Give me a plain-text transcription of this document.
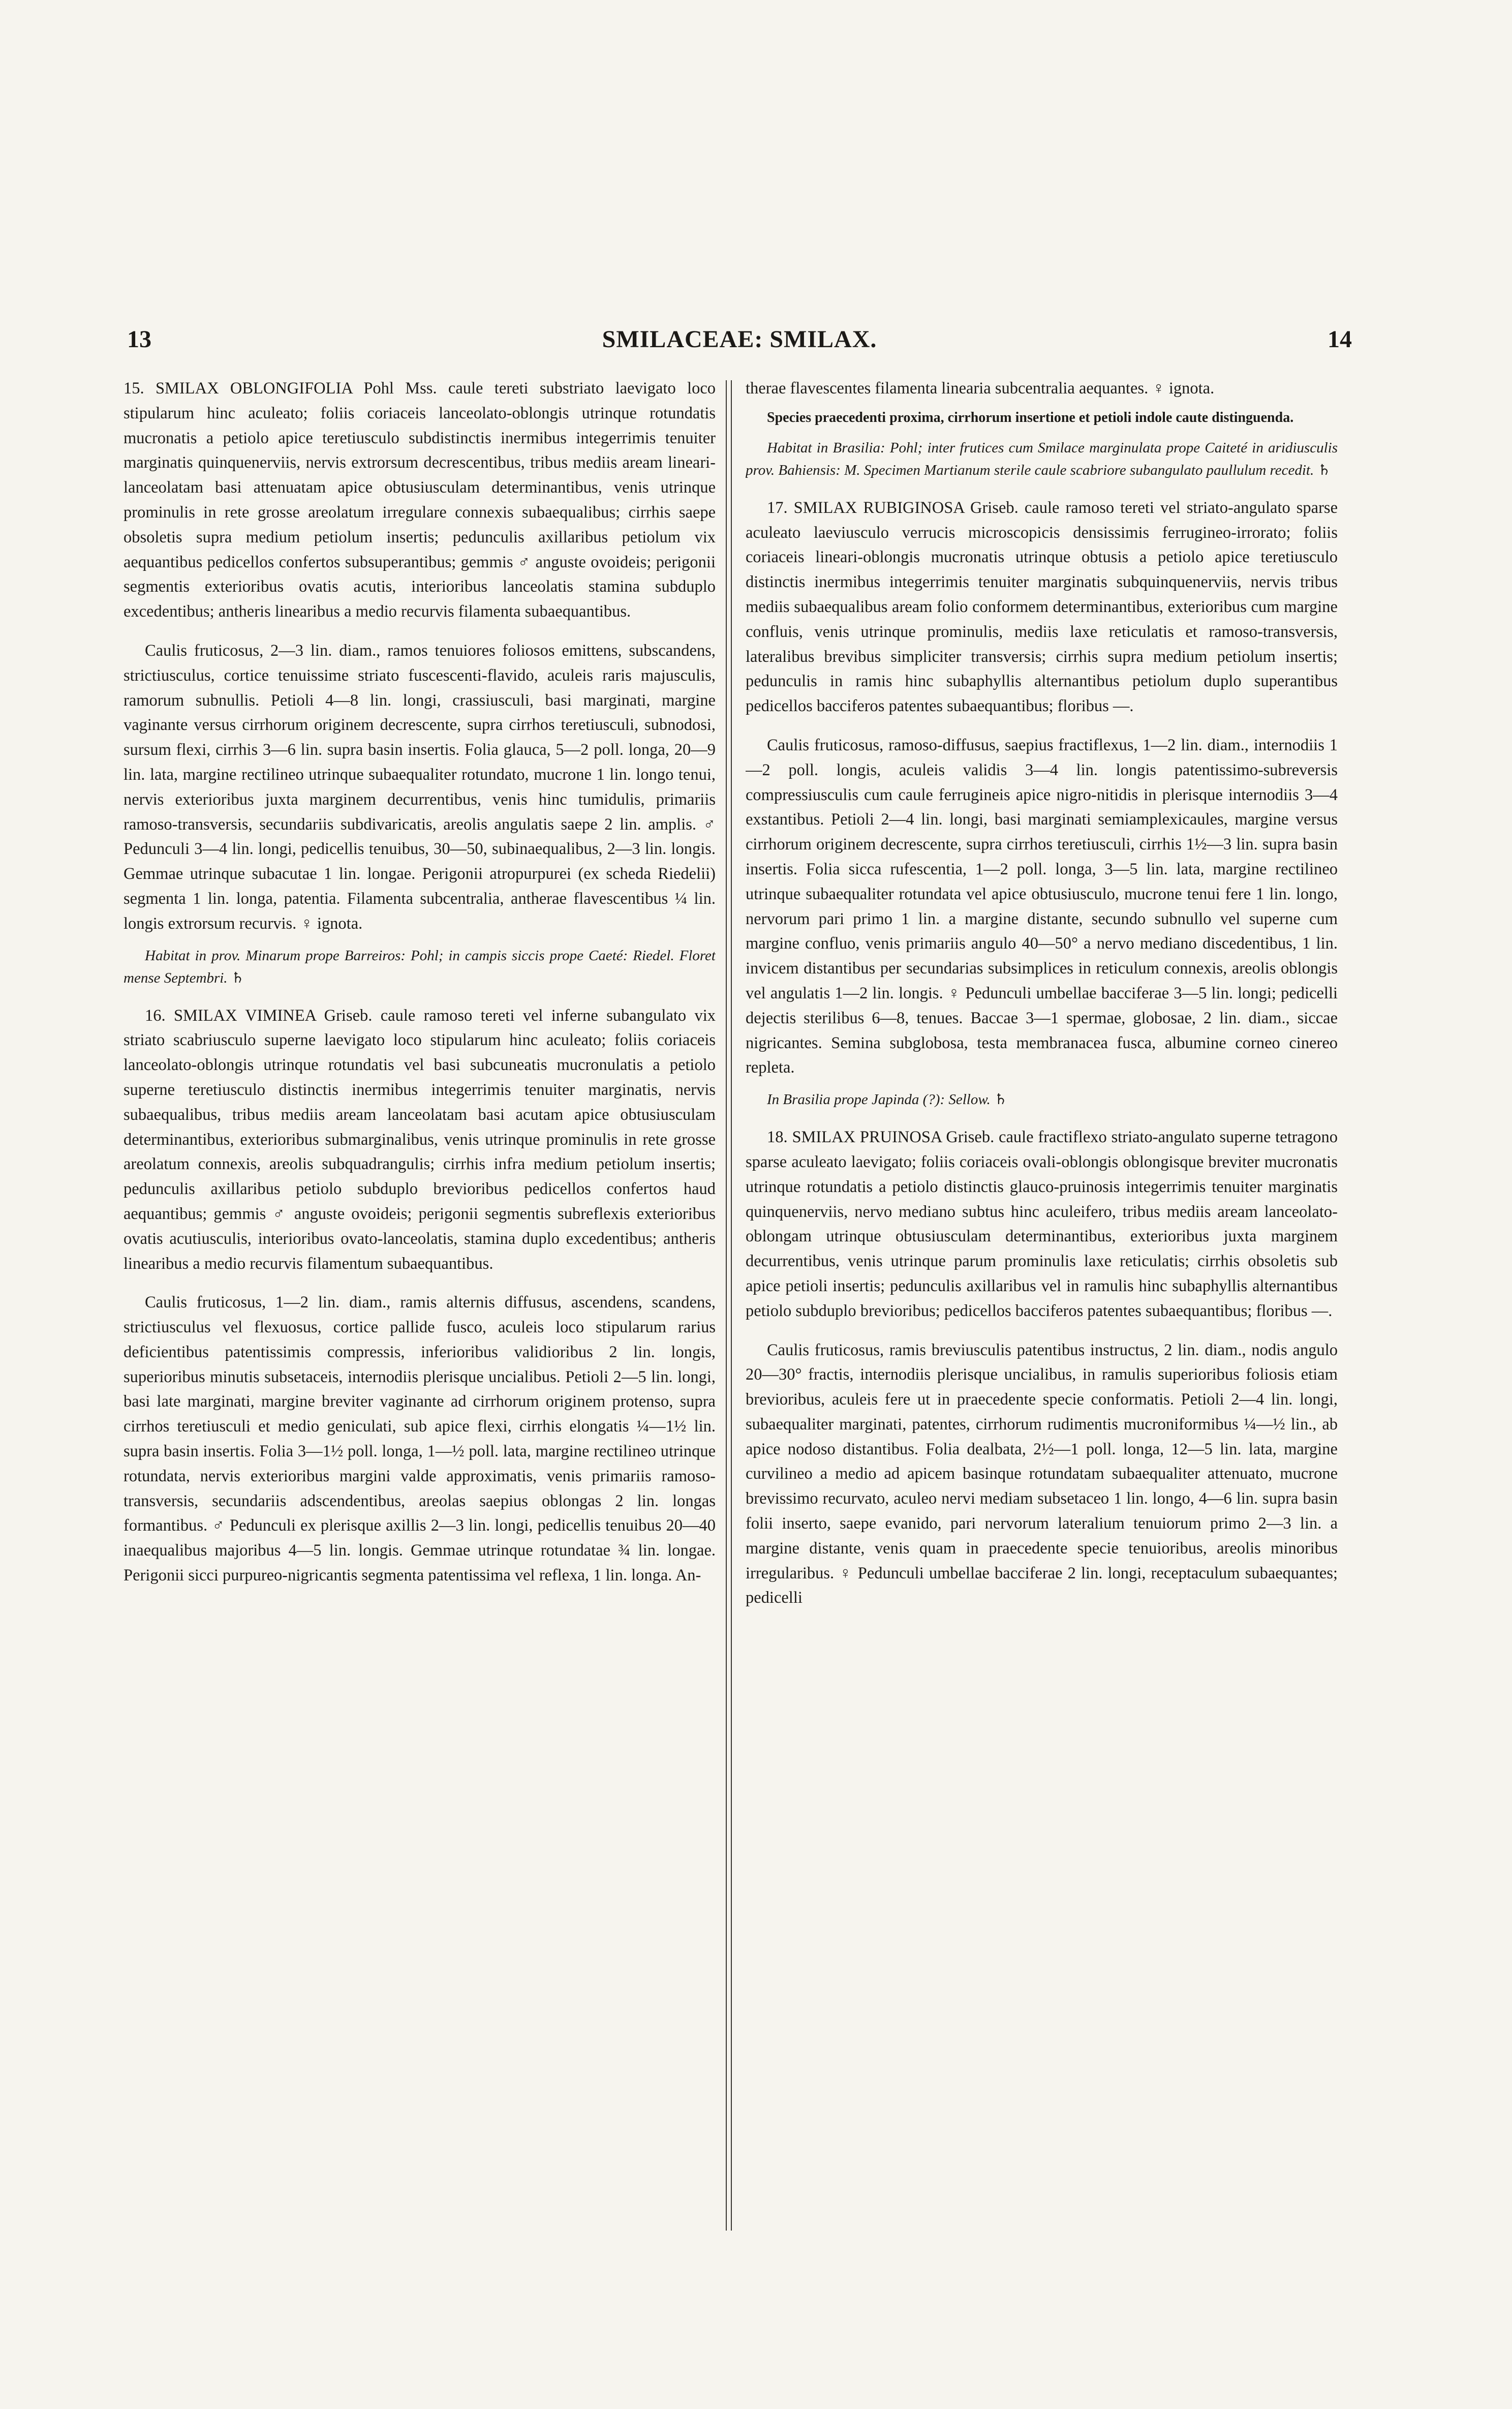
13	SMILACEAE: SMILAX.	14

15. SMILAX OBLONGIFOLIA Pohl Mss. caule tereti substriato laevigato loco stipularum hinc aculeato; foliis coriaceis lanceolato-oblongis utrinque rotundatis mucronatis a petiolo apice teretiusculo subdistinctis inermibus integerrimis tenuiter marginatis quinquenerviis, nervis extrorsum decrescentibus, tribus mediis aream lineari-lanceolatam basi attenuatam apice obtusiusculam determinantibus, venis utrinque prominulis in rete grosse areolatum irregulare connexis subaequalibus; cirrhis saepe obsoletis supra medium petiolum insertis; pedunculis axillaribus petiolum vix aequantibus pedicellos confertos subsuperantibus; gemmis ♂ anguste ovoideis; perigonii segmentis exterioribus ovatis acutis, interioribus lanceolatis stamina subduplo excedentibus; antheris linearibus a medio recurvis filamenta subaequantibus.

Caulis fruticosus, 2—3 lin. diam., ramos tenuiores foliosos emittens, subscandens, strictiusculus, cortice tenuissime striato fuscescenti-flavido, aculeis raris majusculis, ramorum subnullis. Petioli 4—8 lin. longi, crassiusculi, basi marginati, margine vaginante versus cirrhorum originem decrescente, supra cirrhos teretiusculi, subnodosi, sursum flexi, cirrhis 3—6 lin. supra basin insertis. Folia glauca, 5—2 poll. longa, 20—9 lin. lata, margine rectilineo utrinque subaequaliter rotundato, mucrone 1 lin. longo tenui, nervis exterioribus juxta marginem decurrentibus, venis hinc tumidulis, primariis ramoso-transversis, secundariis subdivaricatis, areolis angulatis saepe 2 lin. amplis. ♂ Pedunculi 3—4 lin. longi, pedicellis tenuibus, 30—50, subinaequalibus, 2—3 lin. longis. Gemmae utrinque subacutae 1 lin. longae. Perigonii atropurpurei (ex scheda Riedelii) segmenta 1 lin. longa, patentia. Filamenta subcentralia, antherae flavescentibus ¼ lin. longis extrorsum recurvis. ♀ ignota.

Habitat in prov. Minarum prope Barreiros: Pohl; in campis siccis prope Caeté: Riedel. Floret mense Septembri. ♄

16. SMILAX VIMINEA Griseb. caule ramoso tereti vel inferne subangulato vix striato scabriusculo superne laevigato loco stipularum hinc aculeato; foliis coriaceis lanceolato-oblongis utrinque rotundatis vel basi subcuneatis mucronulatis a petiolo superne teretiusculo distinctis inermibus integerrimis tenuiter marginatis, nervis subaequalibus, tribus mediis aream lanceolatam basi acutam apice obtusiusculam determinantibus, exterioribus submarginalibus, venis utrinque prominulis in rete grosse areolatum connexis, areolis subquadrangulis; cirrhis infra medium petiolum insertis; pedunculis axillaribus petiolo subduplo brevioribus pedicellos confertos haud aequantibus; gemmis ♂ anguste ovoideis; perigonii segmentis subreflexis exterioribus ovatis acutiusculis, interioribus ovato-lanceolatis, stamina duplo excedentibus; antheris linearibus a medio recurvis filamentum subaequantibus.

Caulis fruticosus, 1—2 lin. diam., ramis alternis diffusus, ascendens, scandens, strictiusculus vel flexuosus, cortice pallide fusco, aculeis loco stipularum rarius deficientibus patentissimis compressis, inferioribus validioribus 2 lin. longis, superioribus minutis subsetaceis, internodiis plerisque uncialibus. Petioli 2—5 lin. longi, basi late marginati, margine breviter vaginante ad cirrhorum originem protenso, supra cirrhos teretiusculi et medio geniculati, sub apice flexi, cirrhis elongatis ¼—1½ lin. supra basin insertis. Folia 3—1½ poll. longa, 1—½ poll. lata, margine rectilineo utrinque rotundata, nervis exterioribus margini valde approximatis, venis primariis ramoso-transversis, secundariis adscendentibus, areolas saepius oblongas 2 lin. longas formantibus. ♂ Pedunculi ex plerisque axillis 2—3 lin. longi, pedicellis tenuibus 20—40 inaequalibus majoribus 4—5 lin. longis. Gemmae utrinque rotundatae ¾ lin. longae. Perigonii sicci purpureo-nigricantis segmenta patentissima vel reflexa, 1 lin. longa. An-

therae flavescentes filamenta linearia subcentralia aequantes. ♀ ignota.

Species praecedenti proxima, cirrhorum insertione et petioli indole caute distinguenda.

Habitat in Brasilia: Pohl; inter frutices cum Smilace marginulata prope Caiteté in aridiusculis prov. Bahiensis: M. Specimen Martianum sterile caule scabriore subangulato paullulum recedit. ♄

17. SMILAX RUBIGINOSA Griseb. caule ramoso tereti vel striato-angulato sparse aculeato laeviusculo verrucis microscopicis densissimis ferrugineo-irrorato; foliis coriaceis lineari-oblongis mucronatis utrinque obtusis a petiolo apice teretiusculo distinctis inermibus integerrimis tenuiter marginatis subquinquenerviis, nervis tribus mediis subaequalibus aream folio conformem determinantibus, exterioribus cum margine confluis, venis utrinque prominulis, mediis laxe reticulatis et ramoso-transversis, lateralibus brevibus simpliciter transversis; cirrhis supra medium petiolum insertis; pedunculis in ramis hinc subaphyllis alternantibus petiolum duplo superantibus pedicellos bacciferos patentes subaequantibus; floribus —.

Caulis fruticosus, ramoso-diffusus, saepius fractiflexus, 1—2 lin. diam., internodiis 1—2 poll. longis, aculeis validis 3—4 lin. longis patentissimo-subreversis compressiusculis cum caule ferrugineis apice nigro-nitidis in plerisque internodiis 3—4 exstantibus. Petioli 2—4 lin. longi, basi marginati semiamplexicaules, margine versus cirrhorum originem decrescente, supra cirrhos teretiusculi, cirrhis 1½—3 lin. supra basin insertis. Folia sicca rufescentia, 1—2 poll. longa, 3—5 lin. lata, margine rectilineo utrinque subaequaliter rotundata vel apice obtusiusculo, mucrone tenui fere 1 lin. longo, nervorum pari primo 1 lin. a margine distante, secundo subnullo vel superne cum margine confluo, venis primariis angulo 40—50° a nervo mediano discedentibus, 1 lin. invicem distantibus per secundarias subsimplices in reticulum connexis, areolis oblongis vel angulatis 1—2 lin. longis. ♀ Pedunculi umbellae bacciferae 3—5 lin. longi; pedicelli dejectis sterilibus 6—8, tenues. Baccae 3—1 spermae, globosae, 2 lin. diam., siccae nigricantes. Semina subglobosa, testa membranacea fusca, albumine corneo cinereo repleta.

In Brasilia prope Japinda (?): Sellow. ♄

18. SMILAX PRUINOSA Griseb. caule fractiflexo striato-angulato superne tetragono sparse aculeato laevigato; foliis coriaceis ovali-oblongis oblongisque breviter mucronatis utrinque rotundatis a petiolo distinctis glauco-pruinosis integerrimis tenuiter marginatis quinquenerviis, nervo mediano subtus hinc aculeifero, tribus mediis aream lanceolato-oblongam utrinque obtusiusculam determinantibus, exterioribus juxta marginem decurrentibus, venis utrinque parum prominulis laxe reticulatis; cirrhis obsoletis sub apice petioli insertis; pedunculis axillaribus vel in ramulis hinc subaphyllis alternantibus petiolo subduplo brevioribus; pedicellos bacciferos patentes subaequantibus; floribus —.

Caulis fruticosus, ramis breviusculis patentibus instructus, 2 lin. diam., nodis angulo 20—30° fractis, internodiis plerisque uncialibus, in ramulis superioribus foliosis etiam brevioribus, aculeis fere ut in praecedente specie conformatis. Petioli 2—4 lin. longi, subaequaliter marginati, patentes, cirrhorum rudimentis mucroniformibus ¼—½ lin., ab apice nodoso distantibus. Folia dealbata, 2½—1 poll. longa, 12—5 lin. lata, margine curvilineo a medio ad apicem basinque rotundatam subaequaliter attenuato, mucrone brevissimo recurvato, aculeo nervi mediam subsetaceo 1 lin. longo, 4—6 lin. supra basin folii inserto, saepe evanido, pari nervorum lateralium tenuiorum primo 2—3 lin. a margine distante, venis quam in praecedente specie tenuioribus, areolis minoribus irregularibus. ♀ Pedunculi umbellae bacciferae 2 lin. longi, receptaculum subaequantes; pedicelli
